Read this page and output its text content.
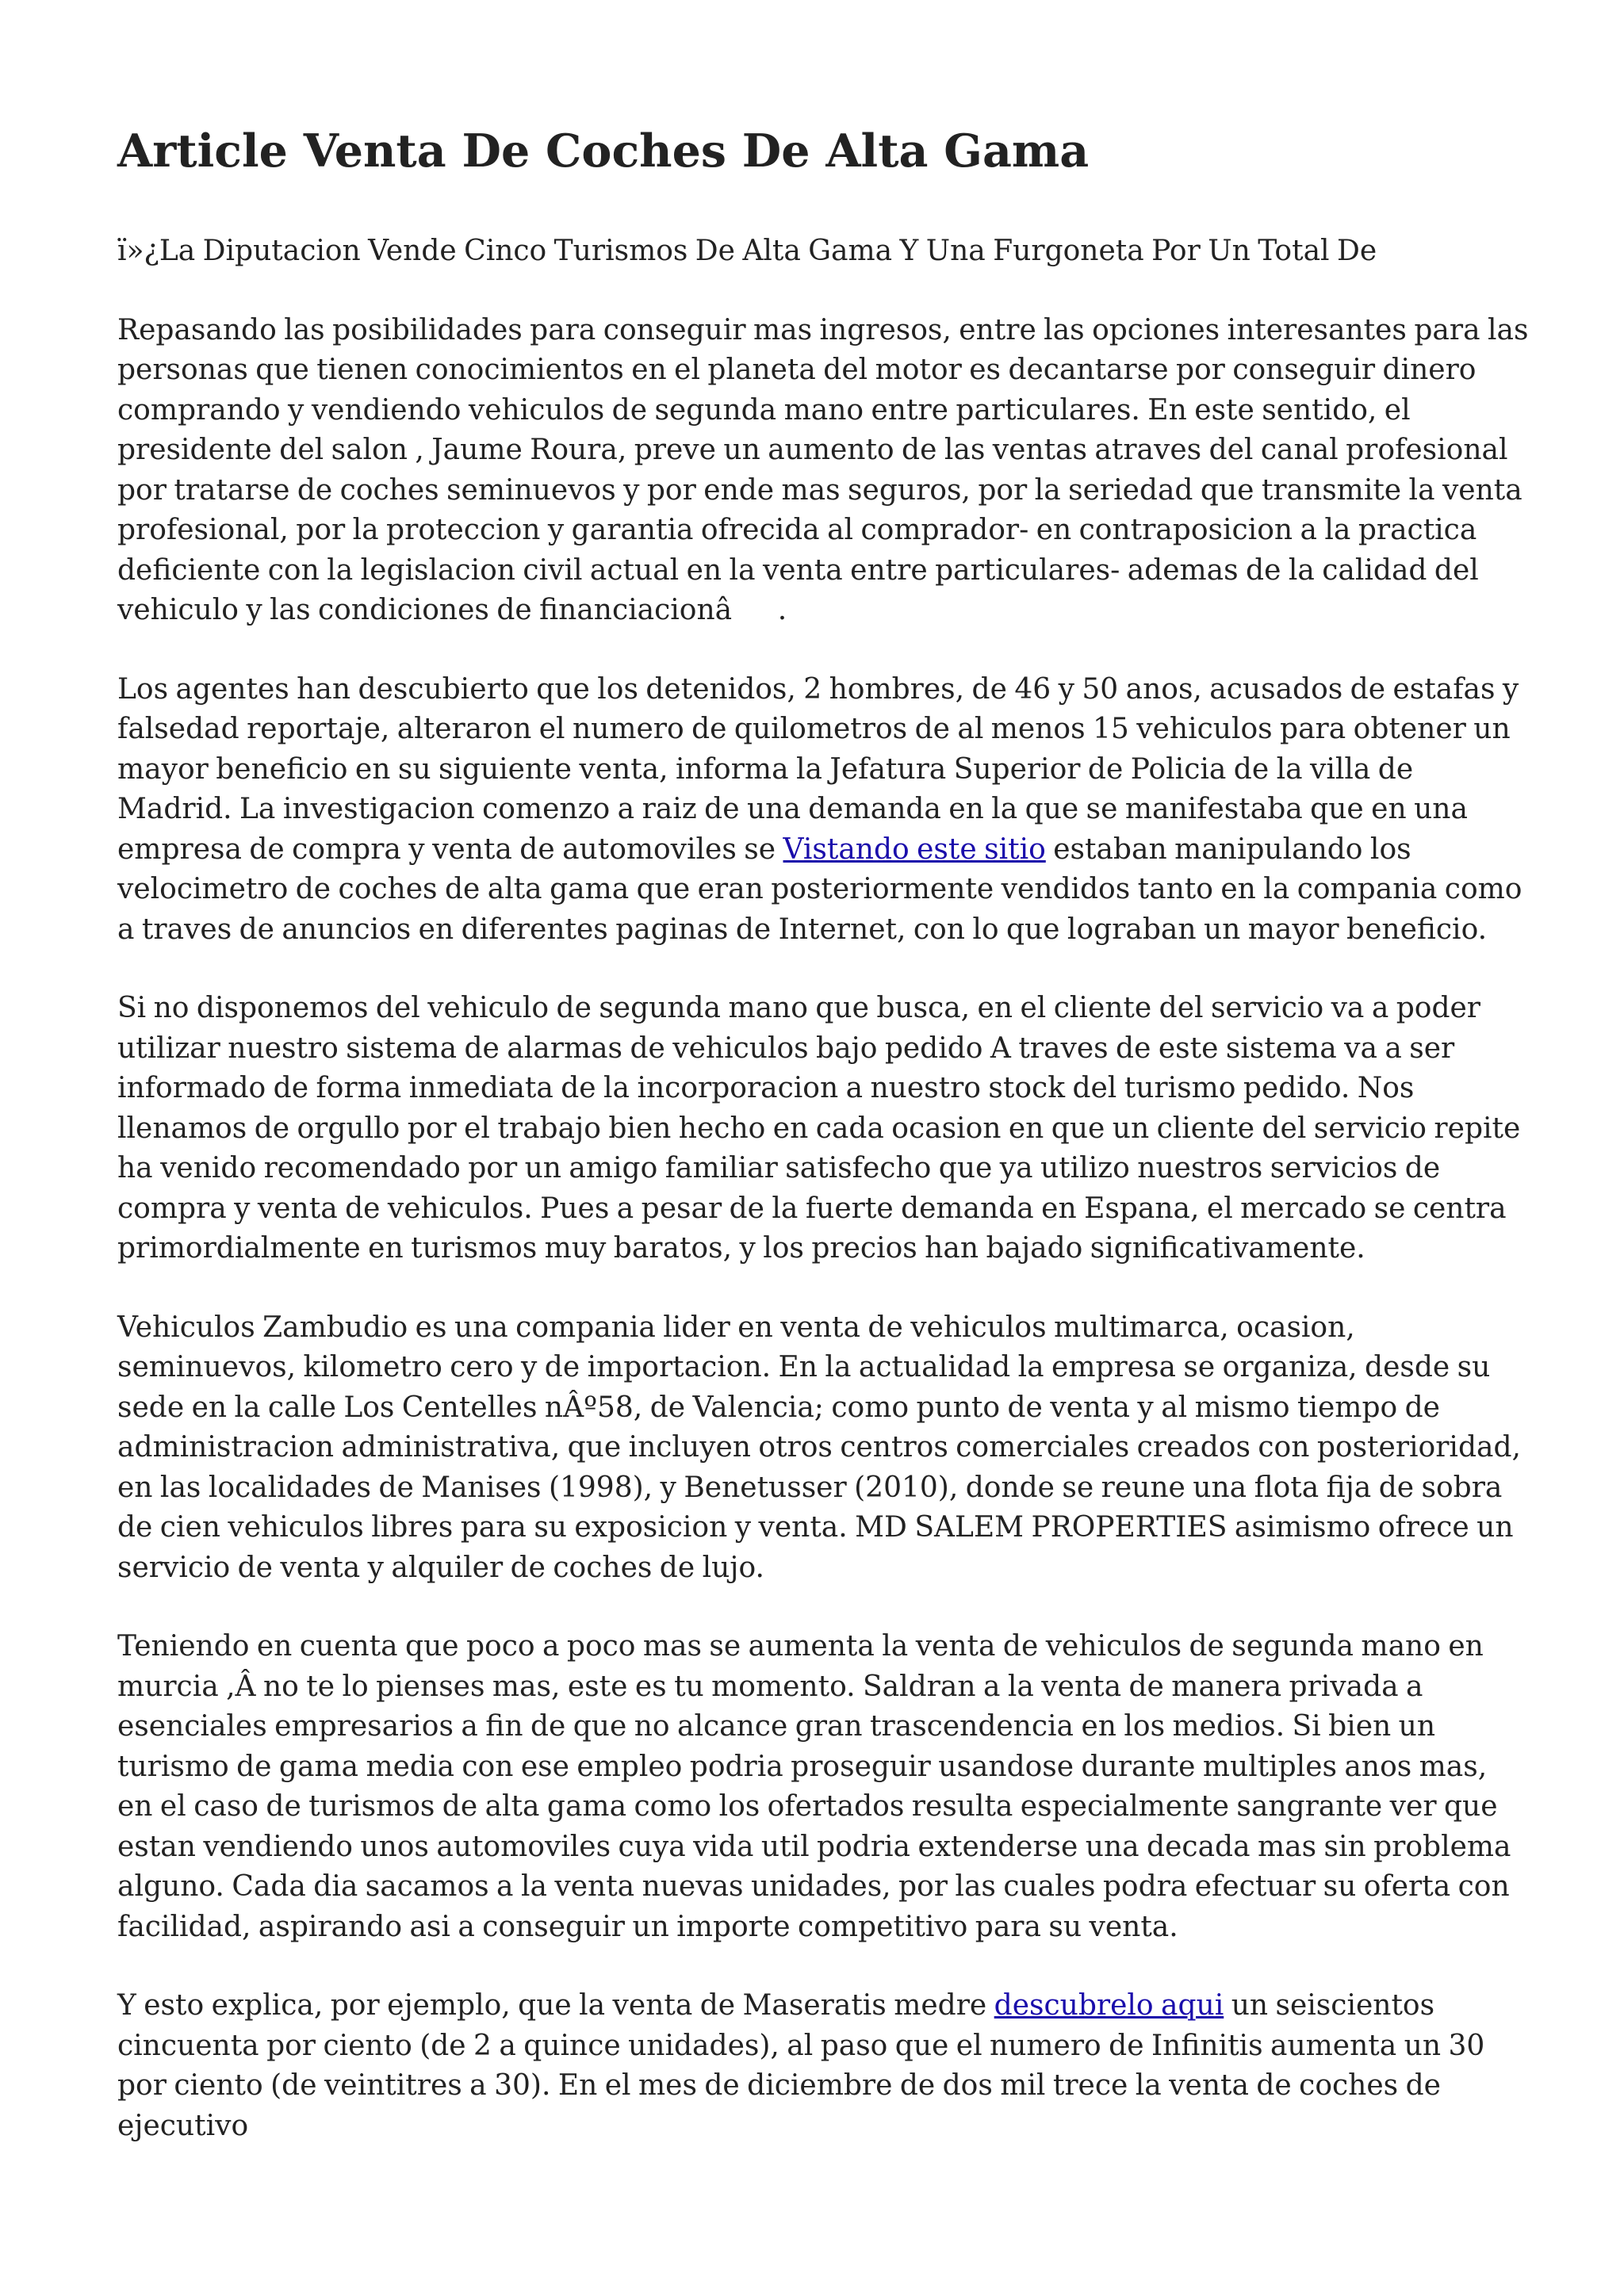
Article Venta De Coches De Alta Gama

ï»¿La Diputacion Vende Cinco Turismos De Alta Gama Y Una Furgoneta Por Un Total De

Repasando las posibilidades para conseguir mas ingresos, entre las opciones interesantes para las personas que tienen conocimientos en el planeta del motor es decantarse por conseguir dinero comprando y vendiendo vehiculos de segunda mano entre particulares. En este sentido, el presidente del salon , Jaume Roura, preve un aumento de las ventas atraves del canal profesional por tratarse de coches seminuevos y por ende mas seguros, por la seriedad que transmite la venta profesional, por la proteccion y garantia ofrecida al comprador- en contraposicion a la practica deficiente con la legislacion civil actual en la venta entre particulares- ademas de la calidad del vehiculo y las condiciones de financiacionâ.

Los agentes han descubierto que los detenidos, 2 hombres, de 46 y 50 anos, acusados de estafas y falsedad reportaje, alteraron el numero de quilometros de al menos 15 vehiculos para obtener un mayor beneficio en su siguiente venta, informa la Jefatura Superior de Policia de la villa de Madrid. La investigacion comenzo a raiz de una demanda en la que se manifestaba que en una empresa de compra y venta de automoviles se Vistando este sitio estaban manipulando los velocimetro de coches de alta gama que eran posteriormente vendidos tanto en la compania como a traves de anuncios en diferentes paginas de Internet, con lo que lograban un mayor beneficio.

Si no disponemos del vehiculo de segunda mano que busca, en el cliente del servicio va a poder utilizar nuestro sistema de alarmas de vehiculos bajo pedido A traves de este sistema va a ser informado de forma inmediata de la incorporacion a nuestro stock del turismo pedido. Nos llenamos de orgullo por el trabajo bien hecho en cada ocasion en que un cliente del servicio repite ha venido recomendado por un amigo familiar satisfecho que ya utilizo nuestros servicios de compra y venta de vehiculos. Pues a pesar de la fuerte demanda en Espana, el mercado se centra primordialmente en turismos muy baratos, y los precios han bajado significativamente.

Vehiculos Zambudio es una compania lider en venta de vehiculos multimarca, ocasion, seminuevos, kilometro cero y de importacion. En la actualidad la empresa se organiza, desde su sede en la calle Los Centelles nÂº58, de Valencia; como punto de venta y al mismo tiempo de administracion administrativa, que incluyen otros centros comerciales creados con posterioridad, en las localidades de Manises (1998), y Benetusser (2010), donde se reune una flota fija de sobra de cien vehiculos libres para su exposicion y venta. MD SALEM PROPERTIES asimismo ofrece un servicio de venta y alquiler de coches de lujo.

Teniendo en cuenta que poco a poco mas se aumenta la venta de vehiculos de segunda mano en murcia ,Â no te lo pienses mas, este es tu momento. Saldran a la venta de manera privada a esenciales empresarios a fin de que no alcance gran trascendencia en los medios. Si bien un turismo de gama media con ese empleo podria proseguir usandose durante multiples anos mas, en el caso de turismos de alta gama como los ofertados resulta especialmente sangrante ver que estan vendiendo unos automoviles cuya vida util podria extenderse una decada mas sin problema alguno. Cada dia sacamos a la venta nuevas unidades, por las cuales podra efectuar su oferta con facilidad, aspirando asi a conseguir un importe competitivo para su venta.

Y esto explica, por ejemplo, que la venta de Maseratis medre descubrelo aqui un seiscientos cincuenta por ciento (de 2 a quince unidades), al paso que el numero de Infinitis aumenta un 30 por ciento (de veintitres a 30). En el mes de diciembre de dos mil trece la venta de coches de ejecutivo
